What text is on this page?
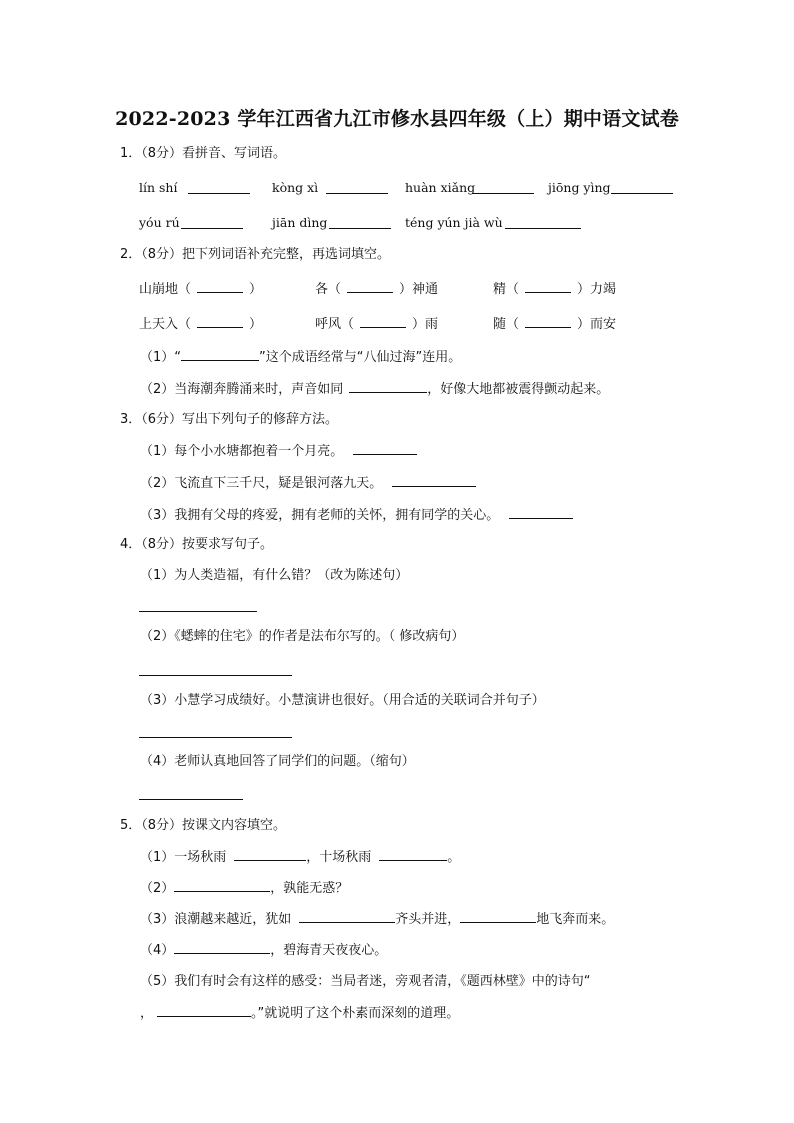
2022-2023 学年江西省九江市修水县四年级（上）期中语文试卷
1．（8分）看拼音、写词语。
lín shí	kòng xì	huàn xiǎng	jiōng yìng
yóu rú	jiān dìng	téng yún jià wù
2．（8分）把下列词语补充完整，再选词填空。
山崩地（	）	各（	）神通	精（	）力竭
上天入（	）	呼风（	）雨	随（	）而安
（1）“	”这个成语经常与“八仙过海”连用。
（2）当海潮奔腾涌来时，声音如同	，好像大地都被震得颤动起来。
3．（6分）写出下列句子的修辞方法。
（1）每个小水塘都抱着一个月亮。
（2）飞流直下三千尺，疑是银河落九天。
（3）我拥有父母的疼爱，拥有老师的关怀，拥有同学的关心。
4．（8分）按要求写句子。
（1）为人类造福，有什么错？（改为陈述句）
（2）《蟋蟀的住宅》的作者是法布尔写的。（ 修改病句）
（3）小慧学习成绩好。小慧演讲也很好。（用合适的关联词合并句子）
（4）老师认真地回答了同学们的问题。（缩句）
5．（8分）按课文内容填空。
（1）一场秋雨	，十场秋雨	。
（2）	，孰能无惑？
（3）浪潮越来越近，犹如	齐头并进，	地飞奔而来。
（4）	，碧海青天夜夜心。
（5）我们有时会有这样的感受：当局者迷，旁观者清，《题西林壁》中的诗句“
，	。”就说明了这个朴素而深刻的道理。
